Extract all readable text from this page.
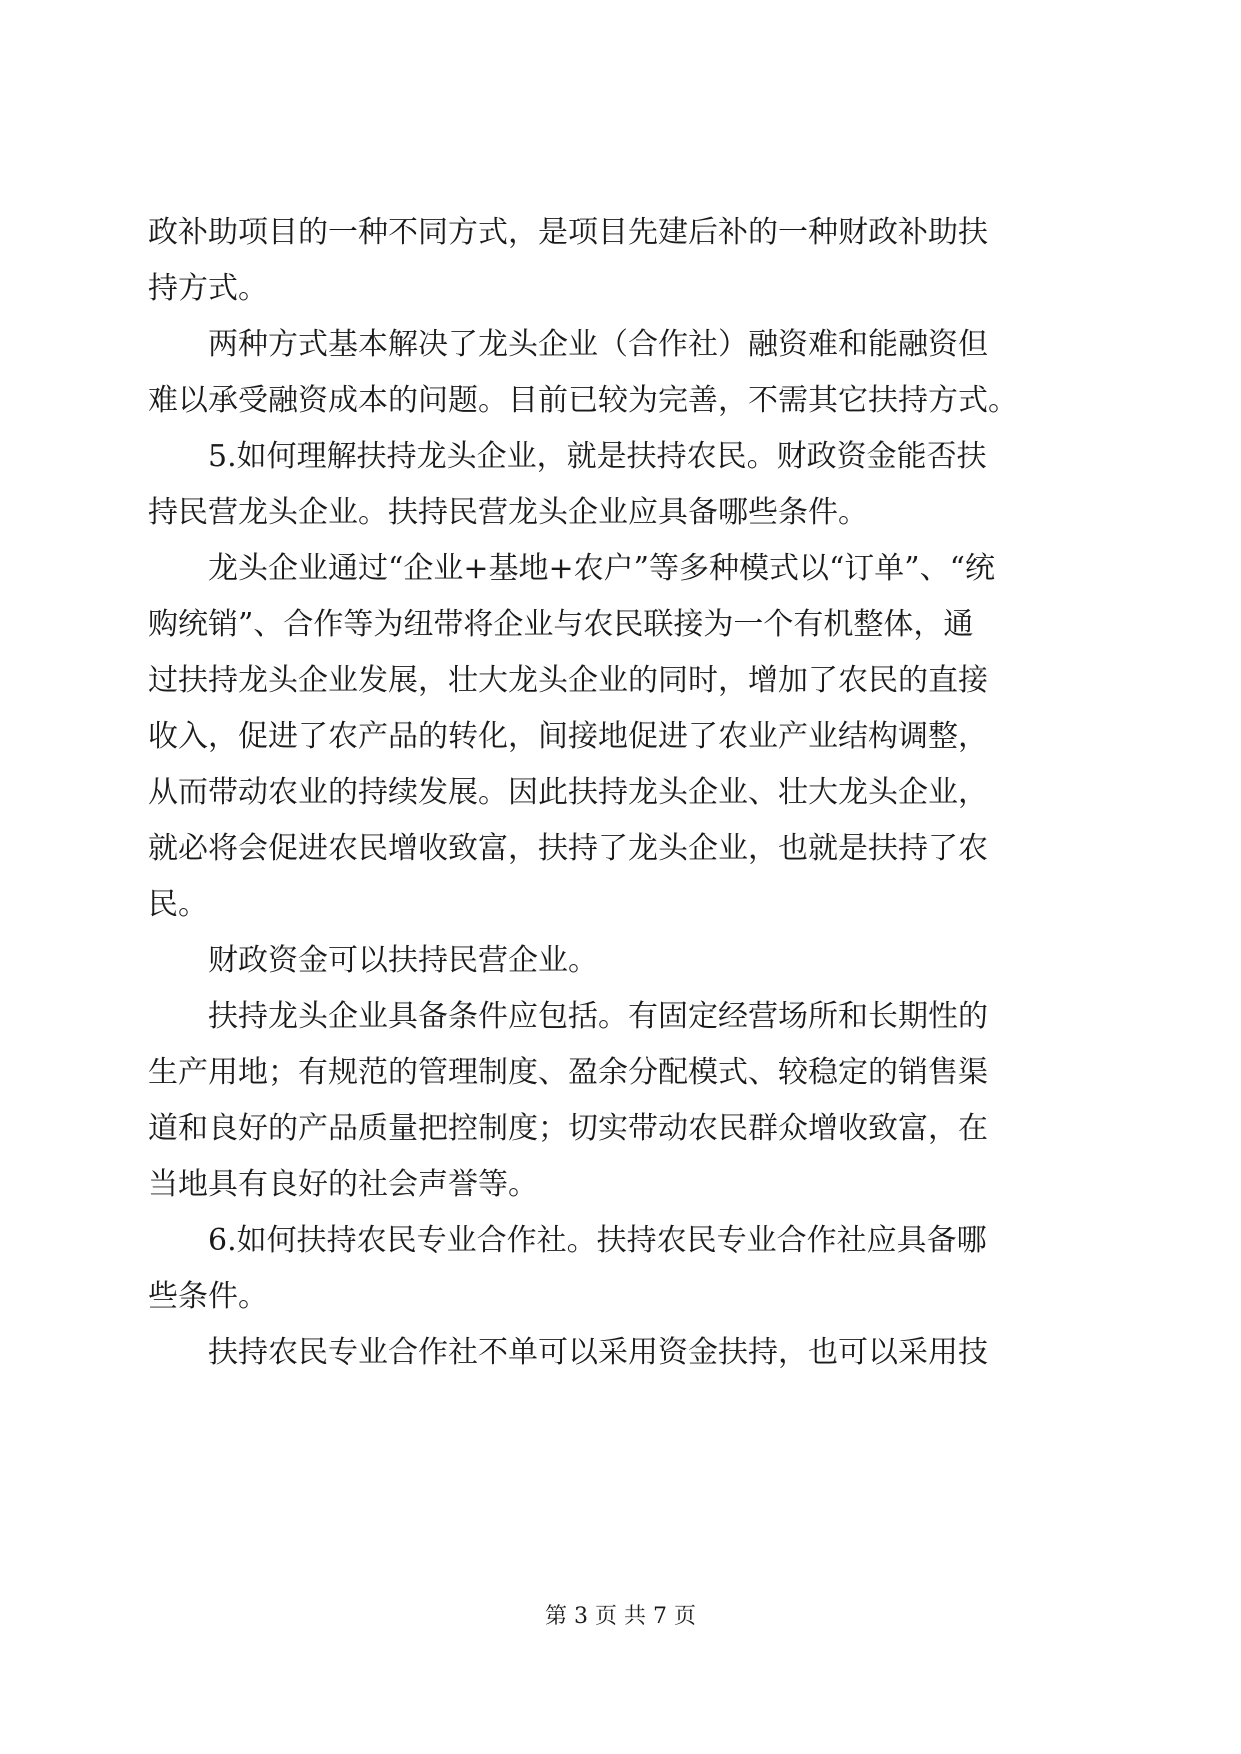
政补助项目的一种不同方式，是项目先建后补的一种财政补助扶

持方式。

两种方式基本解决了龙头企业（合作社）融资难和能融资但

难以承受融资成本的问题。目前已较为完善，不需其它扶持方式。

5.如何理解扶持龙头企业，就是扶持农民。财政资金能否扶

持民营龙头企业。扶持民营龙头企业应具备哪些条件。

龙头企业通过“企业+基地+农户”等多种模式以“订单”、“统

购统销”、合作等为纽带将企业与农民联接为一个有机整体，通

过扶持龙头企业发展，壮大龙头企业的同时，增加了农民的直接

收入，促进了农产品的转化，间接地促进了农业产业结构调整，

从而带动农业的持续发展。因此扶持龙头企业、壮大龙头企业，

就必将会促进农民增收致富，扶持了龙头企业，也就是扶持了农

民。

财政资金可以扶持民营企业。

扶持龙头企业具备条件应包括。有固定经营场所和长期性的

生产用地；有规范的管理制度、盈余分配模式、较稳定的销售渠

道和良好的产品质量把控制度；切实带动农民群众增收致富，在

当地具有良好的社会声誉等。

6.如何扶持农民专业合作社。扶持农民专业合作社应具备哪

些条件。

扶持农民专业合作社不单可以采用资金扶持，也可以采用技

第 3 页 共 7 页
